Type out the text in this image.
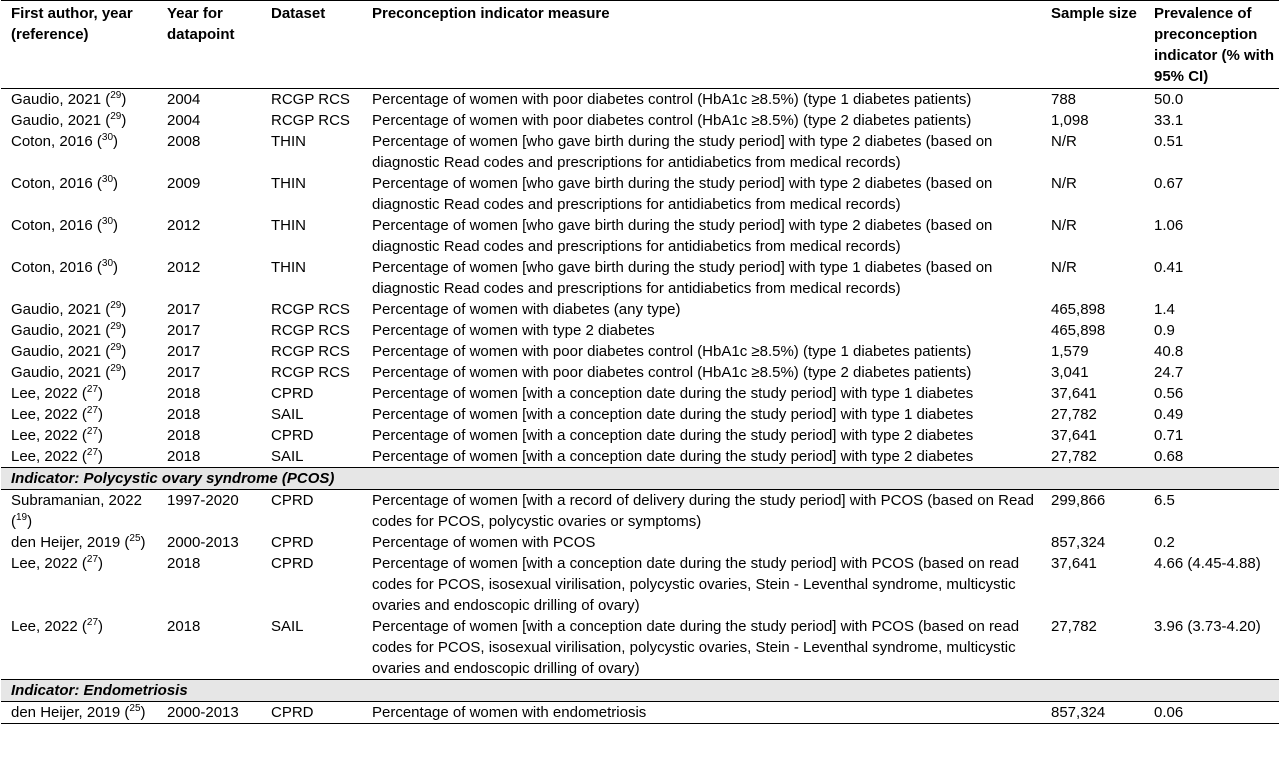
First author, year (reference)	Year for datapoint	Dataset	Preconception indicator measure	Sample size	Prevalence of preconception indicator (% with 95% CI)
Gaudio, 2021 ($^{29}$)	2004	RCGP RCS	Percentage of women with poor diabetes control (HbA1c ≥8.5%) (type 1 diabetes patients)	788	50.0
Gaudio, 2021 ($^{29}$)	2004	RCGP RCS	Percentage of women with poor diabetes control (HbA1c ≥8.5%) (type 2 diabetes patients)	1,098	33.1
Coton, 2016 ($^{30}$)	2008	THIN	Percentage of women [who gave birth during the study period] with type 2 diabetes (based on diagnostic Read codes and prescriptions for antidiabetics from medical records)	N/R	0.51
Coton, 2016 ($^{30}$)	2009	THIN	Percentage of women [who gave birth during the study period] with type 2 diabetes (based on diagnostic Read codes and prescriptions for antidiabetics from medical records)	N/R	0.67
Coton, 2016 ($^{30}$)	2012	THIN	Percentage of women [who gave birth during the study period] with type 2 diabetes (based on diagnostic Read codes and prescriptions for antidiabetics from medical records)	N/R	1.06
Coton, 2016 ($^{30}$)	2012	THIN	Percentage of women [who gave birth during the study period] with type 1 diabetes (based on diagnostic Read codes and prescriptions for antidiabetics from medical records)	N/R	0.41
Gaudio, 2021 ($^{29}$)	2017	RCGP RCS	Percentage of women with diabetes (any type)	465,898	1.4
Gaudio, 2021 ($^{29}$)	2017	RCGP RCS	Percentage of women with type 2 diabetes	465,898	0.9
Gaudio, 2021 ($^{29}$)	2017	RCGP RCS	Percentage of women with poor diabetes control (HbA1c ≥8.5%) (type 1 diabetes patients)	1,579	40.8
Gaudio, 2021 ($^{29}$)	2017	RCGP RCS	Percentage of women with poor diabetes control (HbA1c ≥8.5%) (type 2 diabetes patients)	3,041	24.7
Lee, 2022 ($^{27}$)	2018	CPRD	Percentage of women [with a conception date during the study period] with type 1 diabetes	37,641	0.56
Lee, 2022 ($^{27}$)	2018	SAIL	Percentage of women [with a conception date during the study period] with type 1 diabetes	27,782	0.49
Lee, 2022 ($^{27}$)	2018	CPRD	Percentage of women [with a conception date during the study period] with type 2 diabetes	37,641	0.71
Lee, 2022 ($^{27}$)	2018	SAIL	Percentage of women [with a conception date during the study period] with type 2 diabetes	27,782	0.68
Indicator: Polycystic ovary syndrome (PCOS)					
Subramanian, 2022 ($^{19}$)	1997-2020	CPRD	Percentage of women [with a record of delivery during the study period] with PCOS (based on Read codes for PCOS, polycystic ovaries or symptoms)	299,866	6.5
den Heijer, 2019 ($^{25}$)	2000-2013	CPRD	Percentage of women with PCOS	857,324	0.2
Lee, 2022 ($^{27}$)	2018	CPRD	Percentage of women [with a conception date during the study period] with PCOS (based on read codes for PCOS, isosexual virilisation, polycystic ovaries, Stein - Leventhal syndrome, multicystic ovaries and endoscopic drilling of ovary)	37,641	4.66 (4.45-4.88)
Lee, 2022 ($^{27}$)	2018	SAIL	Percentage of women [with a conception date during the study period] with PCOS (based on read codes for PCOS, isosexual virilisation, polycystic ovaries, Stein - Leventhal syndrome, multicystic ovaries and endoscopic drilling of ovary)	27,782	3.96 (3.73-4.20)
Indicator: Endometriosis					
den Heijer, 2019 ($^{25}$)	2000-2013	CPRD	Percentage of women with endometriosis	857,324	0.06
